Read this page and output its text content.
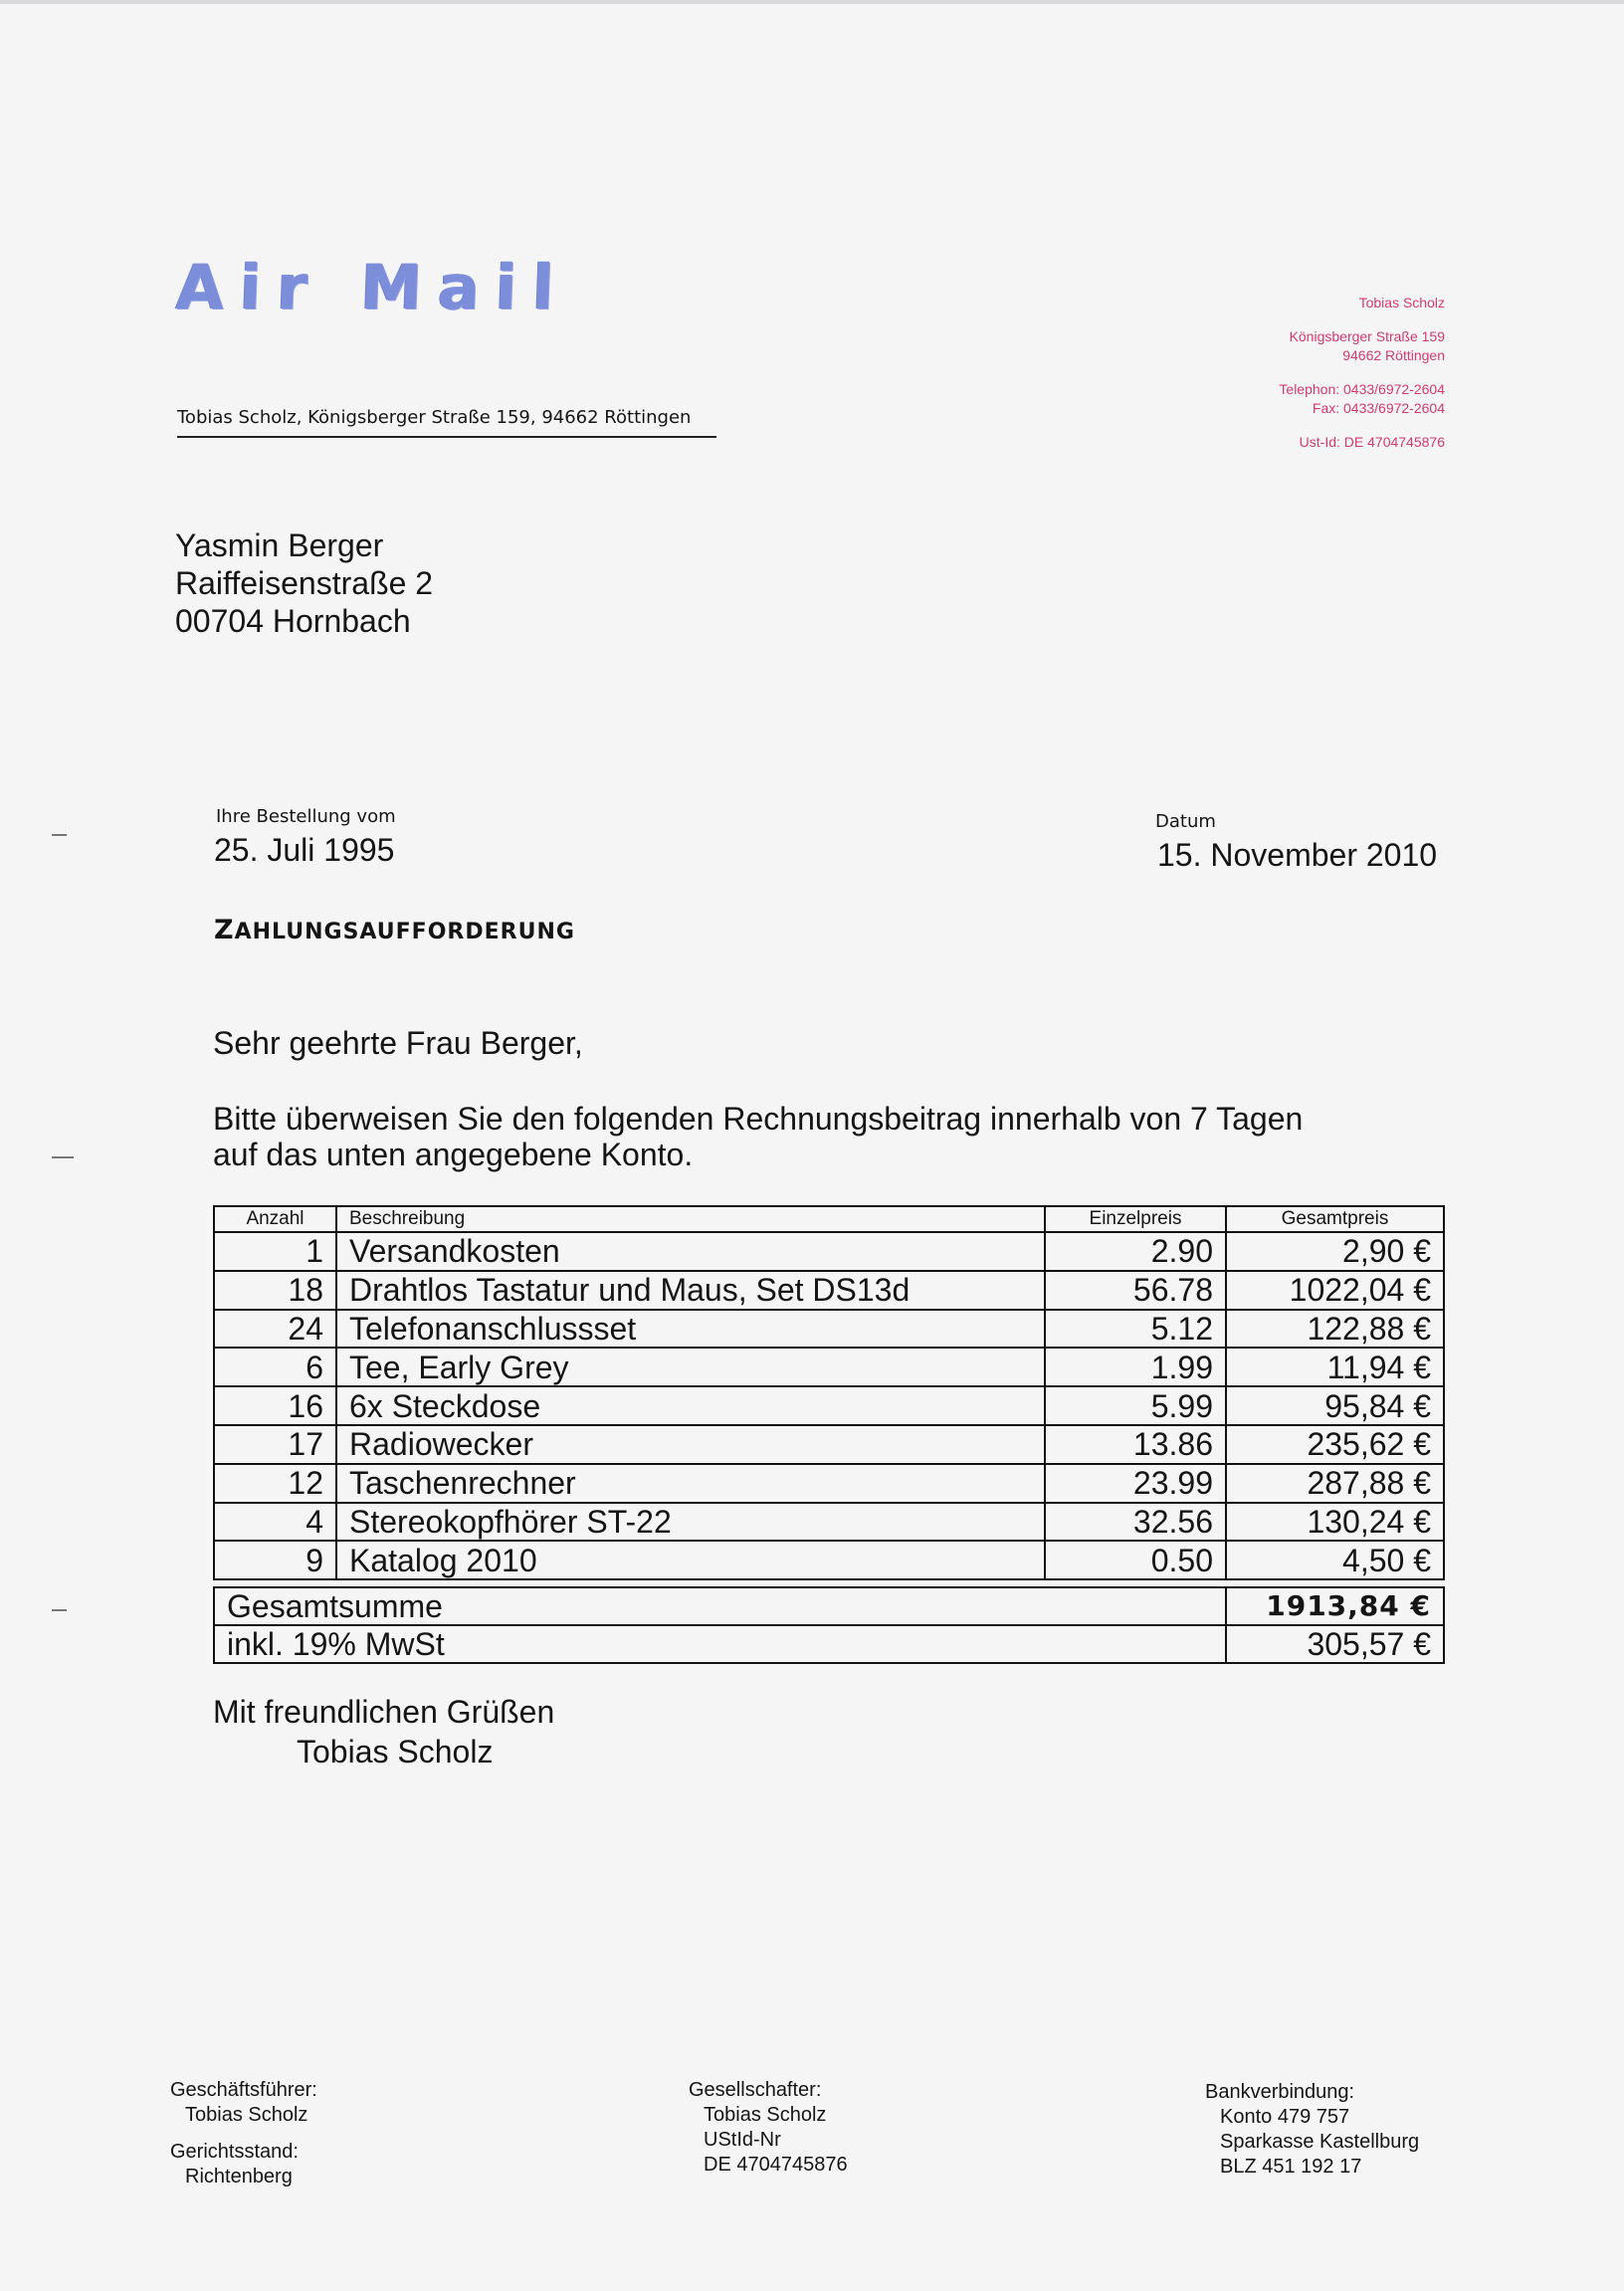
Air Mail
Tobias Scholz, Königsberger Straße 159, 94662 Röttingen
Tobias Scholz
Königsberger Straße 159
94662 Röttingen
Telephon: 0433/6972-2604
Fax: 0433/6972-2604
Ust-Id: DE 4704745876
Yasmin Berger
Raiffeisenstraße 2
00704 Hornbach
Ihre Bestellung vom
25. Juli 1995
Datum
15. November 2010
ZAHLUNGSAUFFORDERUNG
Sehr geehrte Frau Berger,
Bitte überweisen Sie den folgenden Rechnungsbeitrag innerhalb von 7 Tagen
auf das unten angegebene Konto.
Anzahl	Beschreibung	Einzelpreis	Gesamtpreis
1	Versandkosten	2.90	2,90 €
18	Drahtlos Tastatur und Maus, Set DS13d	56.78	1022,04 €
24	Telefonanschlussset	5.12	122,88 €
6	Tee, Early Grey	1.99	11,94 €
16	6x Steckdose	5.99	95,84 €
17	Radiowecker	13.86	235,62 €
12	Taschenrechner	23.99	287,88 €
4	Stereokopfhörer ST-22	32.56	130,24 €
9	Katalog 2010	0.50	4,50 €
Gesamtsumme	1913,84 €
inkl. 19% MwSt	305,57 €
Mit freundlichen Grüßen
Tobias Scholz
Geschäftsführer:
Tobias Scholz
Gerichtsstand:
Richtenberg
Gesellschafter:
Tobias Scholz
UStId-Nr
DE 4704745876
Bankverbindung:
Konto 479 757
Sparkasse Kastellburg
BLZ 451 192 17
